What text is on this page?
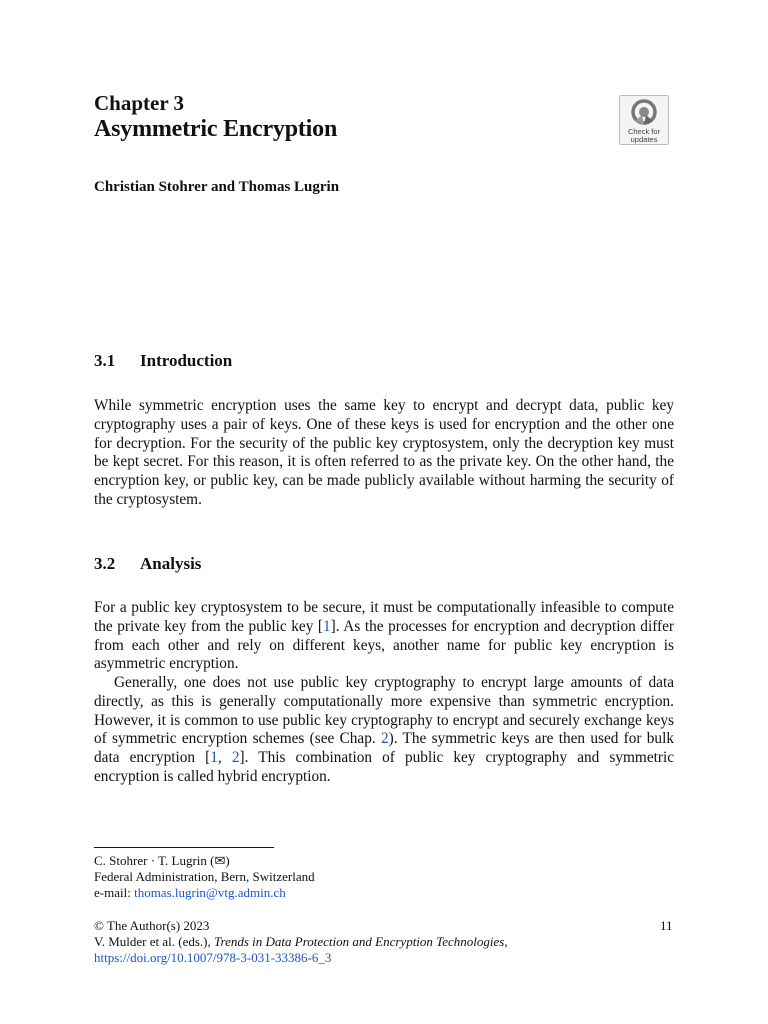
Chapter 3
Asymmetric Encryption	Check for
updates
Christian Stohrer and Thomas Lugrin
3.1 Introduction

While symmetric encryption uses the same key to encrypt and decrypt data, public key cryptography uses a pair of keys. One of these keys is used for encryption and the other one for decryption. For the security of the public key cryptosystem, only the decryption key must be kept secret. For this reason, it is often referred to as the private key. On the other hand, the encryption key, or public key, can be made publicly available without harming the security of the cryptosystem.

3.2 Analysis

For a public key cryptosystem to be secure, it must be computationally infeasible to compute the private key from the public key [1]. As the processes for encryption and decryption differ from each other and rely on different keys, another name for public key encryption is asymmetric encryption.

Generally, one does not use public key cryptography to encrypt large amounts of data directly, as this is generally computationally more expensive than symmetric encryption. However, it is common to use public key cryptography to encrypt and securely exchange keys of symmetric encryption schemes (see Chap. 2). The symmetric keys are then used for bulk data encryption [1, 2]. This combination of public key cryptography and symmetric encryption is called hybrid encryption.

C. Stohrer · T. Lugrin (✉)
Federal Administration, Bern, Switzerland
e-mail: thomas.lugrin@vtg.admin.ch
© The Author(s) 2023	11
V. Mulder et al. (eds.), Trends in Data Protection and Encryption Technologies,
https://doi.org/10.1007/978-3-031-33386-6_3
